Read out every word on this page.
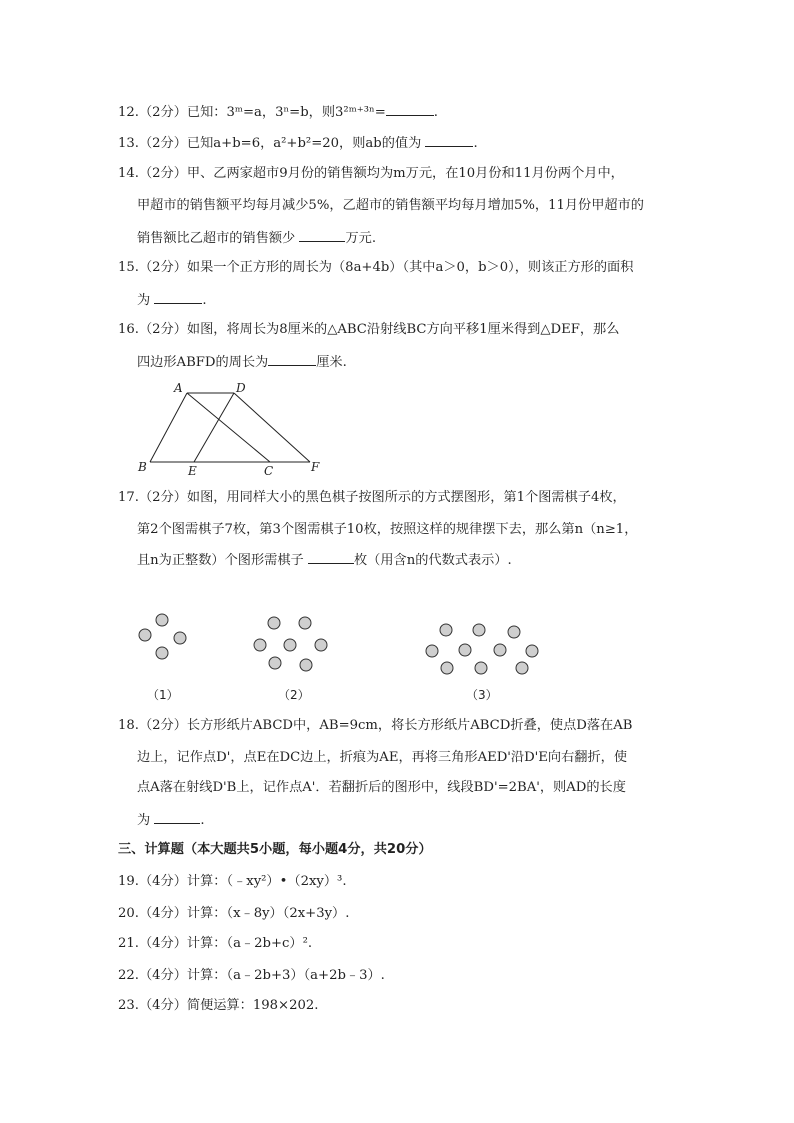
12.（2分）已知：3ᵐ=a，3ⁿ=b，则3²ᵐ⁺³ⁿ=	.
13.（2分）已知a+b=6，a²+b²=20，则ab的值为	.
14.（2分）甲、乙两家超市9月份的销售额均为m万元，在10月份和11月份两个月中，
甲超市的销售额平均每月减少5%，乙超市的销售额平均每月增加5%，11月份甲超市的
销售额比乙超市的销售额少	万元.
15.（2分）如果一个正方形的周长为（8a+4b）（其中a＞0，b＞0），则该正方形的面积
为	.
16.（2分）如图，将周长为8厘米的△ABC沿射线BC方向平移1厘米得到△DEF，那么
四边形ABFD的周长为	厘米.
A	D
B	E	C	F
17.（2分）如图，用同样大小的黑色棋子按图所示的方式摆图形，第1个图需棋子4枚，
第2个图需棋子7枚，第3个图需棋子10枚，按照这样的规律摆下去，那么第n（n≥1，
且n为正整数）个图形需棋子	枚（用含n的代数式表示）.
（1）	（2）	（3）
18.（2分）长方形纸片ABCD中，AB=9cm，将长方形纸片ABCD折叠，使点D落在AB
边上，记作点D'，点E在DC边上，折痕为AE，再将三角形AED'沿D'E向右翻折，使
点A落在射线D'B上，记作点A'．若翻折后的图形中，线段BD'=2BA'，则AD的长度
为	.
三、计算题（本大题共5小题，每小题4分，共20分）
19.（4分）计算：（﹣xy²）•（2xy）³.
20.（4分）计算：（x﹣8y）（2x+3y）.
21.（4分）计算：（a﹣2b+c）².
22.（4分）计算：（a﹣2b+3）（a+2b﹣3）.
23.（4分）简便运算：198×202.
